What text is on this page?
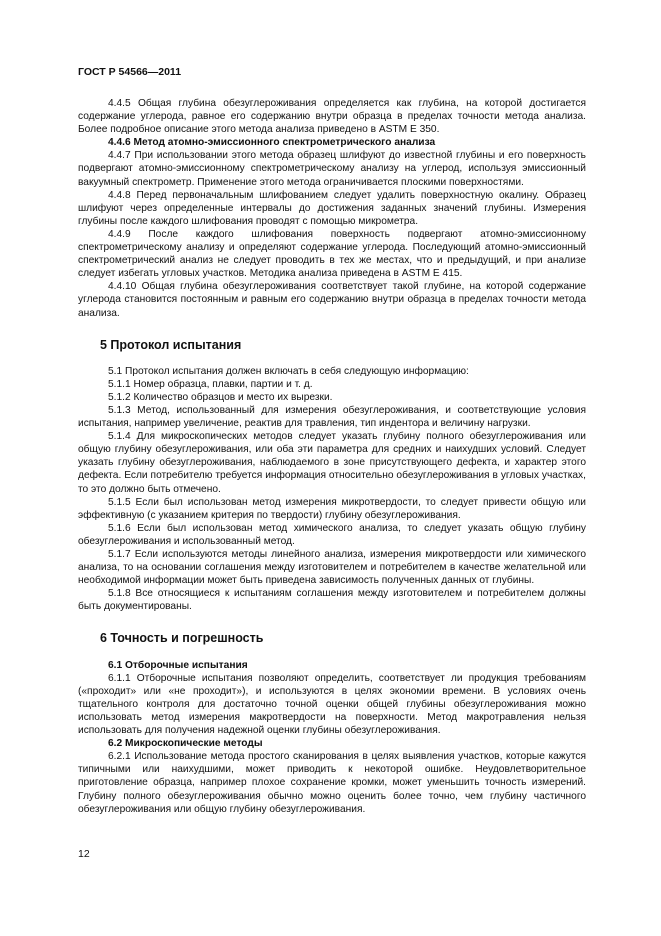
ГОСТ Р 54566—2011

4.4.5 Общая глубина обезуглероживания определяется как глубина, на которой достигается содержание углерода, равное его содержанию внутри образца в пределах точности метода анализа. Более подробное описание этого метода анализа приведено в ASTM E 350.

4.4.6 Метод атомно-эмиссионного спектрометрического анализа

4.4.7 При использовании этого метода образец шлифуют до известной глубины и его поверхность подвергают атомно-эмиссионному спектрометрическому анализу на углерод, используя эмиссионный вакуумный спектрометр. Применение этого метода ограничивается плоскими поверхностями.

4.4.8 Перед первоначальным шлифованием следует удалить поверхностную окалину. Образец шлифуют через определенные интервалы до достижения заданных значений глубины. Измерения глубины после каждого шлифования проводят с помощью микрометра.

4.4.9 После каждого шлифования поверхность подвергают атомно-эмиссионному спектрометрическому анализу и определяют содержание углерода. Последующий атомно-эмиссионный спектрометрический анализ не следует проводить в тех же местах, что и предыдущий, и при анализе следует избегать угловых участков. Методика анализа приведена в ASTM E 415.

4.4.10 Общая глубина обезуглероживания соответствует такой глубине, на которой содержание углерода становится постоянным и равным его содержанию внутри образца в пределах точности метода анализа.

5 Протокол испытания

5.1 Протокол испытания должен включать в себя следующую информацию:

5.1.1 Номер образца, плавки, партии и т. д.

5.1.2 Количество образцов и место их вырезки.

5.1.3 Метод, использованный для измерения обезуглероживания, и соответствующие условия испытания, например увеличение, реактив для травления, тип индентора и величину нагрузки.

5.1.4 Для микроскопических методов следует указать глубину полного обезуглероживания или общую глубину обезуглероживания, или оба эти параметра для средних и наихудших условий. Следует указать глубину обезуглероживания, наблюдаемого в зоне присутствующего дефекта, и характер этого дефекта. Если потребителю требуется информация относительно обезуглероживания в угловых участках, то это должно быть отмечено.

5.1.5 Если был использован метод измерения микротвердости, то следует привести общую или эффективную (с указанием критерия по твердости) глубину обезуглероживания.

5.1.6 Если был использован метод химического анализа, то следует указать общую глубину обезуглероживания и использованный метод.

5.1.7 Если используются методы линейного анализа, измерения микротвердости или химического анализа, то на основании соглашения между изготовителем и потребителем в качестве желательной или необходимой информации может быть приведена зависимость полученных данных от глубины.

5.1.8 Все относящиеся к испытаниям соглашения между изготовителем и потребителем должны быть документированы.

6 Точность и погрешность

6.1 Отборочные испытания

6.1.1 Отборочные испытания позволяют определить, соответствует ли продукция требованиям («проходит» или «не проходит»), и используются в целях экономии времени. В условиях очень тщательного контроля для достаточно точной оценки общей глубины обезуглероживания можно использовать метод измерения макротвердости на поверхности. Метод макротравления нельзя использовать для получения надежной оценки глубины обезуглероживания.

6.2 Микроскопические методы

6.2.1 Использование метода простого сканирования в целях выявления участков, которые кажутся типичными или наихудшими, может приводить к некоторой ошибке. Неудовлетворительное приготовление образца, например плохое сохранение кромки, может уменьшить точность измерений. Глубину полного обезуглероживания обычно можно оценить более точно, чем глубину частичного обезуглероживания или общую глубину обезуглероживания.

12
